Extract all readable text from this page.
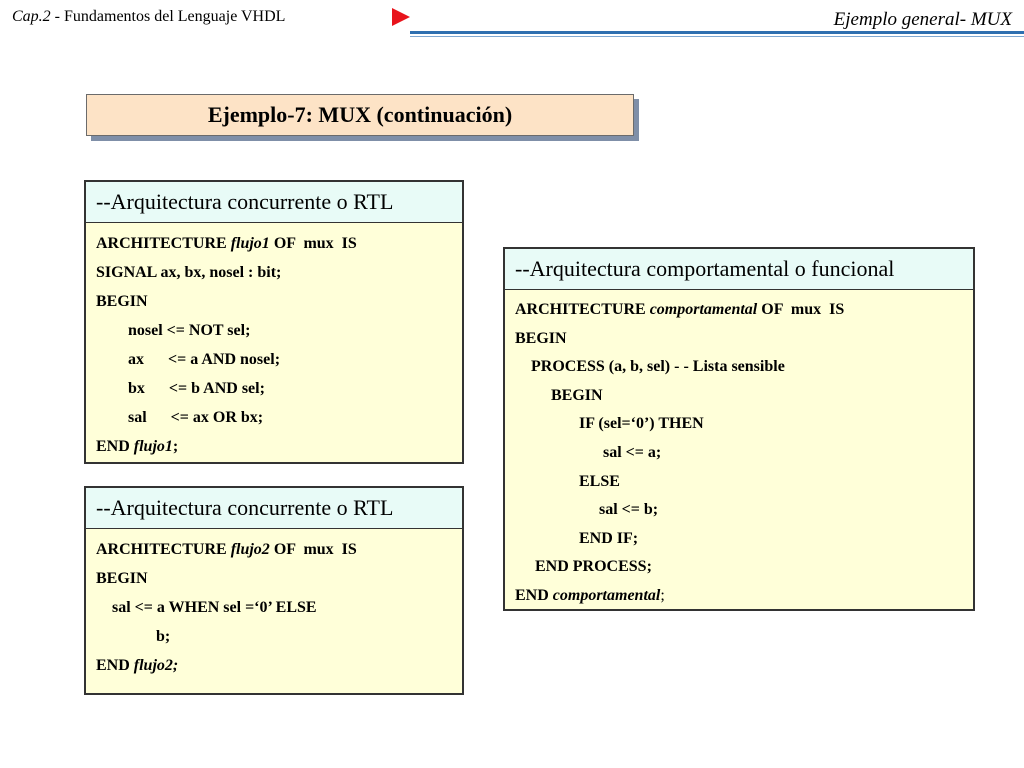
Cap.2 - Fundamentos del Lenguaje VHDL	Ejemplo general- MUX
Ejemplo-7: MUX (continuación)
--Arquitectura concurrente o RTL
ARCHITECTURE flujo1 OF  mux  IS
SIGNAL ax, bx, nosel : bit;
BEGIN
nosel <= NOT sel;
ax      <= a AND nosel;
bx      <= b AND sel;
sal      <= ax OR bx;
END flujo1;
--Arquitectura concurrente o RTL
ARCHITECTURE flujo2 OF  mux  IS
BEGIN
sal <= a WHEN sel =‘0’ ELSE
b;
END flujo2;
--Arquitectura comportamental o funcional
ARCHITECTURE comportamental OF  mux  IS
BEGIN
PROCESS (a, b, sel) - - Lista sensible
BEGIN
IF (sel=‘0’) THEN
sal <= a;
ELSE
sal <= b;
END IF;
END PROCESS;
END comportamental;
